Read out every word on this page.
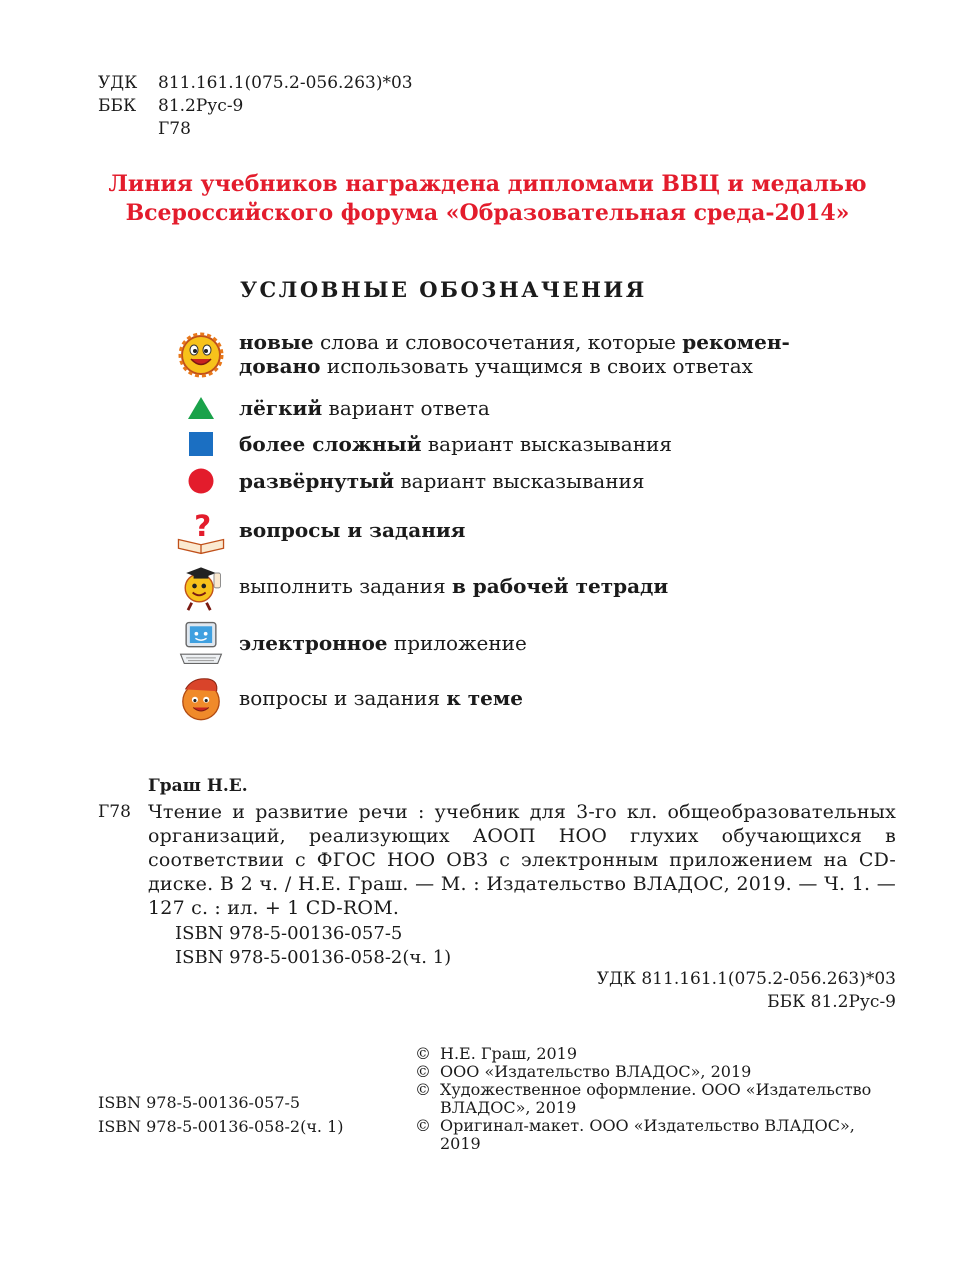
УДК	811.161.1(075.2-056.263)*03
ББК	81.2Рус-9
Г78
Линия учебников награждена дипломами ВВЦ и медалью
Всероссийского форума «Образовательная среда-2014»
УСЛОВНЫЕ ОБОЗНАЧЕНИЯ
новые слова и словосочетания, которые рекомен-
довано использовать учащимся в своих ответах
лёгкий вариант ответа
более сложный вариант высказывания
развёрнутый вариант высказывания
? вопросы и задания
выполнить задания в рабочей тетради
электронное приложение
вопросы и задания к теме
Граш Н.Е.
Г78 Чтение и развитие речи : учебник для 3-го кл. общеобразовательных организаций, реализующих АООП НОО глухих обучающихся в соответствии с ФГОС НОО ОВЗ с электронным приложением на CD-диске. В 2 ч. / Н.Е. Граш. — М. : Издательство ВЛАДОС, 2019. — Ч. 1. — 127 с. : ил. + 1 CD-ROM.
ISBN 978-5-00136-057-5
ISBN 978-5-00136-058-2(ч. 1)
УДК 811.161.1(075.2-056.263)*03
ББК 81.2Рус-9
© Н.Е. Граш, 2019
© ООО «Издательство ВЛАДОС», 2019
© Художественное оформление. ООО «Издательство ВЛАДОС», 2019
© Оригинал-макет. ООО «Издательство ВЛАДОС», 2019
ISBN 978-5-00136-057-5
ISBN 978-5-00136-058-2(ч. 1)
